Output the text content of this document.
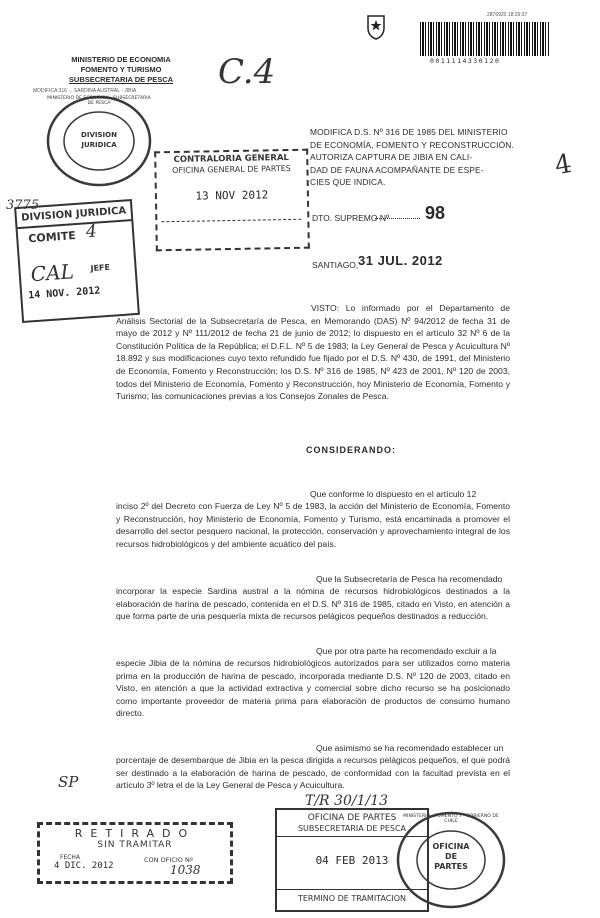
2876920 18:39:37
0011114330120
MINISTERIO DE ECONOMIA
FOMENTO Y TURISMO
SUBSECRETARIA DE PESCA
MODIFICA 316 ... SARDINA AUSTRAL - JIBIA
MINISTERIO DE ECONOMIA · SUBSECRETARIA DE PESCA
DIVISION
JURIDICA
C.4
4
MODIFICA D.S. Nº 316 DE 1985 DEL MINISTERIO
DE ECONOMÍA, FOMENTO Y RECONSTRUCCIÓN.
AUTORIZA CAPTURA DE JIBIA EN CALI-
DAD DE FAUNA ACOMPAÑANTE DE ESPE-
CIES QUE INDICA.
CONTRALORIA GENERAL
OFICINA GENERAL DE PARTES
13 NOV 2012
DTO. SUPREMO Nº 98
SANTIAGO, 31 JUL. 2012
3775
DIVISION JURIDICA
COMITE 4
CAL JEFE
14 NOV. 2012
VISTO: Lo informado por el Departamento de Análisis Sectorial de la Subsecretaría de Pesca, en Memorando (DAS) Nº 94/2012 de fecha 31 de mayo de 2012 y Nº 111/2012 de fecha 21 de junio de 2012; lo dispuesto en el artículo 32 Nº 6 de la Constitución Política de la República; el D.F.L. Nº 5 de 1983; la Ley General de Pesca y Acuicultura Nº 18.892 y sus modificaciones cuyo texto refundido fue fijado por el D.S. Nº 430, de 1991, del Ministerio de Economía, Fomento y Reconstrucción; los D.S. Nº 316 de 1985, Nº 423 de 2001, Nº 120 de 2003, todos del Ministerio de Economía, Fomento y Reconstrucción, hoy Ministerio de Economía, Fomento y Turismo; las comunicaciones previas a los Consejos Zonales de Pesca.
CONSIDERANDO:
Que conforme lo dispuesto en el artículo 12
inciso 2º del Decreto con Fuerza de Ley Nº 5 de 1983, la acción del Ministerio de Economía, Fomento y Reconstrucción, hoy Ministerio de Economía, Fomento y Turismo, está encaminada a promover el desarrollo del sector pesquero nacional, la protección, conservación y aprovechamiento integral de los recursos hidrobiológicos y del ambiente acuático del país.
Que la Subsecretaría de Pesca ha recomendado
incorporar la especie Sardina austral a la nómina de recursos hidrobiológicos destinados a la elaboración de harina de pescado, contenida en el D.S. Nº 316 de 1985, citado en Visto, en atención a que forma parte de una pesquería mixta de recursos pelágicos pequeños destinados a reducción.
Que por otra parte ha recomendado excluir a la
especie Jibia de la nómina de recursos hidrobiológicos autorizados para ser utilizados como materia prima en la producción de harina de pescado, incorporada mediante D.S. Nº 120 de 2003, citado en Visto, en atención a que la actividad extractiva y comercial sobre dicho recurso se ha posicionado como importante proveedor de materia prima para elaboración de productos de consumo humano directo.
Que asimismo se ha recomendado establecer un
porcentaje de desembarque de Jibia en la pesca dirigida a recursos pelágicos pequeños, el que podrá ser destinado a la elaboración de harina de pescado, de conformidad con la facultad prevista en el artículo 3º letra el de la Ley General de Pesca y Acuicultura.
SP
T/R 30/1/13
RETIRADO
SIN TRAMITAR
FECHA
4 DIC. 2012
CON OFICIO Nº
1038
OFICINA DE PARTES
SUBSECRETARIA DE PESCA
04 FEB 2013
TERMINO DE TRAMITACION
MINISTERIO · FOMENTO Y · GOBIERNO DE CHILE
OFICINA
DE
PARTES
